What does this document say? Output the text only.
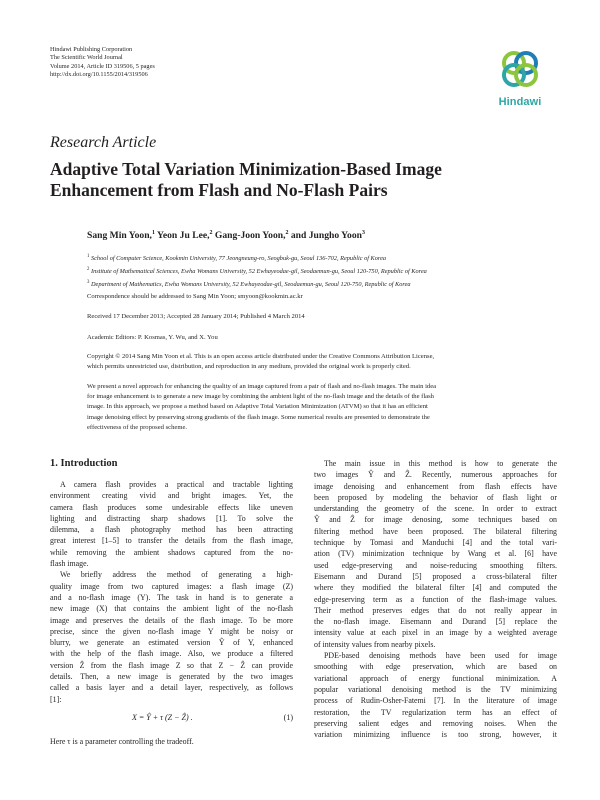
Hindawi Publishing Corporation
The Scientific World Journal
Volume 2014, Article ID 319506, 5 pages
http://dx.doi.org/10.1155/2014/319506
Hindawi
Research Article
Adaptive Total Variation Minimization-Based Image
Enhancement from Flash and No-Flash Pairs
Sang Min Yoon,$^1$ Yeon Ju Lee,$^2$ Gang-Joon Yoon,$^2$ and Jungho Yoon$^3$
$^1$ School of Computer Science, Kookmin University, 77 Jeongneung-ro, Seogbuk-gu, Seoul 136-702, Republic of Korea
$^2$ Institute of Mathematical Sciences, Ewha Womans University, 52 Ewhayeodae-gil, Seodaemun-gu, Seoul 120-750, Republic of Korea
$^3$ Department of Mathematics, Ewha Womans University, 52 Ewhayeodae-gil, Seodaemun-gu, Seoul 120-750, Republic of Korea
Correspondence should be addressed to Sang Min Yoon; smyoon@kookmin.ac.kr
Received 17 December 2013; Accepted 28 January 2014; Published 4 March 2014
Academic Editors: P. Kosmas, Y. Wu, and X. You
Copyright © 2014 Sang Min Yoon et al. This is an open access article distributed under the Creative Commons Attribution License,
which permits unrestricted use, distribution, and reproduction in any medium, provided the original work is properly cited.
We present a novel approach for enhancing the quality of an image captured from a pair of flash and no-flash images. The main idea
for image enhancement is to generate a new image by combining the ambient light of the no-flash image and the details of the flash
image. In this approach, we propose a method based on Adaptive Total Variation Minimization (ATVM) so that it has an efficient
image denoising effect by preserving strong gradients of the flash image. Some numerical results are presented to demonstrate the
effectiveness of the proposed scheme.
1. Introduction
A camera flash provides a practical and tractable lighting
environment creating vivid and bright images. Yet, the
camera flash produces some undesirable effects like uneven
lighting and distracting sharp shadows [1]. To solve the
dilemma, a flash photography method has been attracting
great interest [1–5] to transfer the details from the flash image,
while removing the ambient shadows captured from the no-
flash image.
We briefly address the method of generating a high-
quality image from two captured images: a flash image (Z)
and a no-flash image (Y). The task in hand is to generate a
new image (X) that contains the ambient light of the no-flash
image and preserves the details of the flash image. To be more
precise, since the given no-flash image Y might be noisy or
blurry, we generate an estimated version Ŷ of Y, enhanced
with the help of the flash image. Also, we produce a filtered
version Ẑ from the flash image Z so that Z − Ẑ can provide
details. Then, a new image is generated by the two images
called a basis layer and a detail layer, respectively, as follows
[1]:
X = Ŷ + τ (Z − Ẑ) .	(1)
Here τ is a parameter controlling the tradeoff.
The main issue in this method is how to generate the
two images Ŷ and Ẑ. Recently, numerous approaches for
image denoising and enhancement from flash effects have
been proposed by modeling the behavior of flash light or
understanding the geometry of the scene. In order to extract
Ŷ and Ẑ for image denosing, some techniques based on
filtering method have been proposed. The bilateral filtering
technique by Tomasi and Manduchi [4] and the total vari-
ation (TV) minimization technique by Wang et al. [6] have
used edge-preserving and noise-reducing smoothing filters.
Eisemann and Durand [5] proposed a cross-bilateral filter
where they modified the bilateral filter [4] and computed the
edge-preserving term as a function of the flash-image values.
Their method preserves edges that do not really appear in
the no-flash image. Eisemann and Durand [5] replace the
intensity value at each pixel in an image by a weighted average
of intensity values from nearby pixels.
PDE-based denoising methods have been used for image
smoothing with edge preservation, which are based on
variational approach of energy functional minimization. A
popular variational denoising method is the TV minimizing
process of Rudin-Osher-Fatemi [7]. In the literature of image
restoration, the TV regularization term has an effect of
preserving salient edges and removing noises. When the
variation minimizing influence is too strong, however, it
